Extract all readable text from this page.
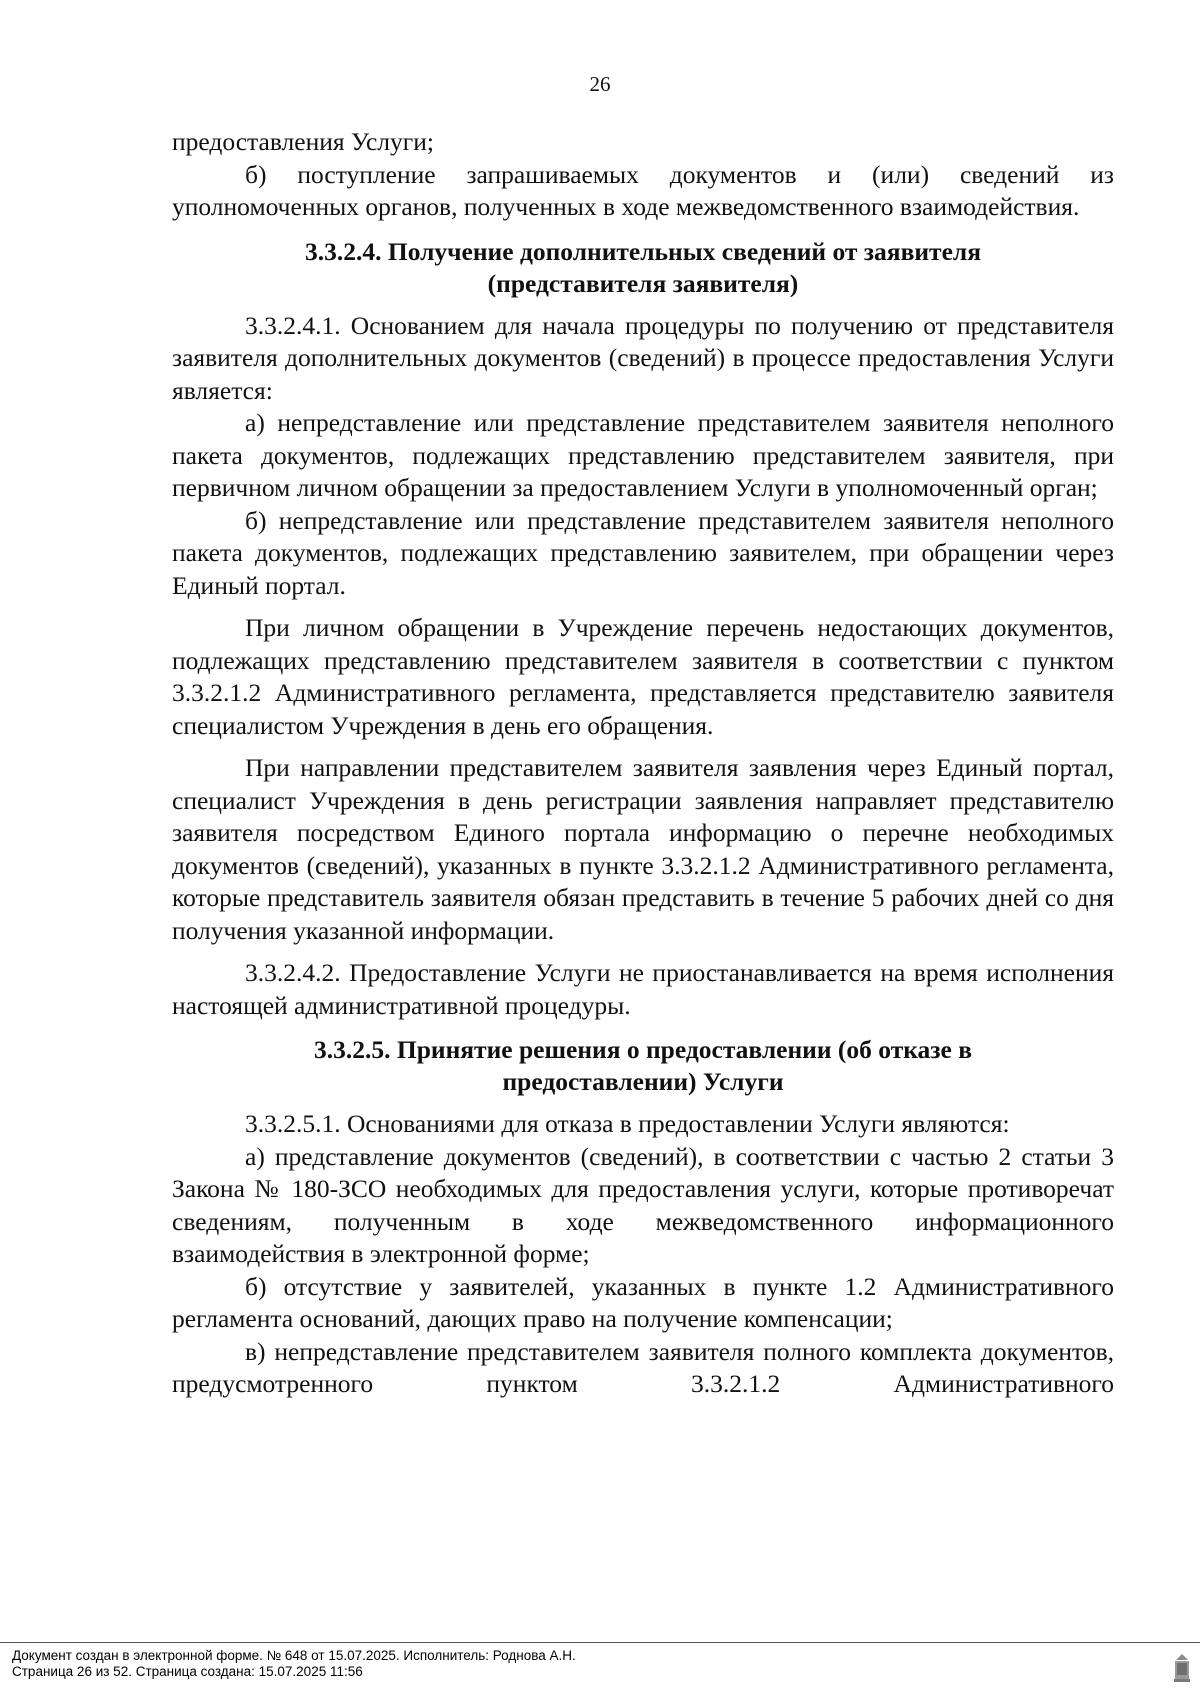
26

предоставления Услуги;

б) поступление запрашиваемых документов и (или) сведений из уполномоченных органов, полученных в ходе межведомственного взаимодействия.

3.3.2.4. Получение дополнительных сведений от заявителя
(представителя заявителя)

3.3.2.4.1. Основанием для начала процедуры по получению от представителя заявителя дополнительных документов (сведений) в процессе предоставления Услуги является:

а) непредставление или представление представителем заявителя неполного пакета документов, подлежащих представлению представителем заявителя, при первичном личном обращении за предоставлением Услуги в уполномоченный орган;

б) непредставление или представление представителем заявителя неполного пакета документов, подлежащих представлению заявителем, при обращении через Единый портал.

При личном обращении в Учреждение перечень недостающих документов, подлежащих представлению представителем заявителя в соответствии с пунктом 3.3.2.1.2 Административного регламента, представляется представителю заявителя специалистом Учреждения в день его обращения.

При направлении представителем заявителя заявления через Единый портал, специалист Учреждения в день регистрации заявления направляет представителю заявителя посредством Единого портала информацию о перечне необходимых документов (сведений), указанных в пункте 3.3.2.1.2 Административного регламента, которые представитель заявителя обязан представить в течение 5 рабочих дней со дня получения указанной информации.

3.3.2.4.2. Предоставление Услуги не приостанавливается на время исполнения настоящей административной процедуры.

3.3.2.5. Принятие решения о предоставлении (об отказе в
предоставлении) Услуги

3.3.2.5.1. Основаниями для отказа в предоставлении Услуги являются:

а) представление документов (сведений), в соответствии с частью 2 статьи 3 Закона № 180-ЗСО необходимых для предоставления услуги, которые противоречат сведениям, полученным в ходе межведомственного информационного взаимодействия в электронной форме;

б) отсутствие у заявителей, указанных в пункте 1.2 Административного регламента оснований, дающих право на получение компенсации;

в) непредставление представителем заявителя полного комплекта документов, предусмотренного пунктом 3.3.2.1.2 Административного

Документ создан в электронной форме. № 648 от 15.07.2025. Исполнитель: Роднова А.Н.
Страница 26 из 52. Страница создана: 15.07.2025 11:56
